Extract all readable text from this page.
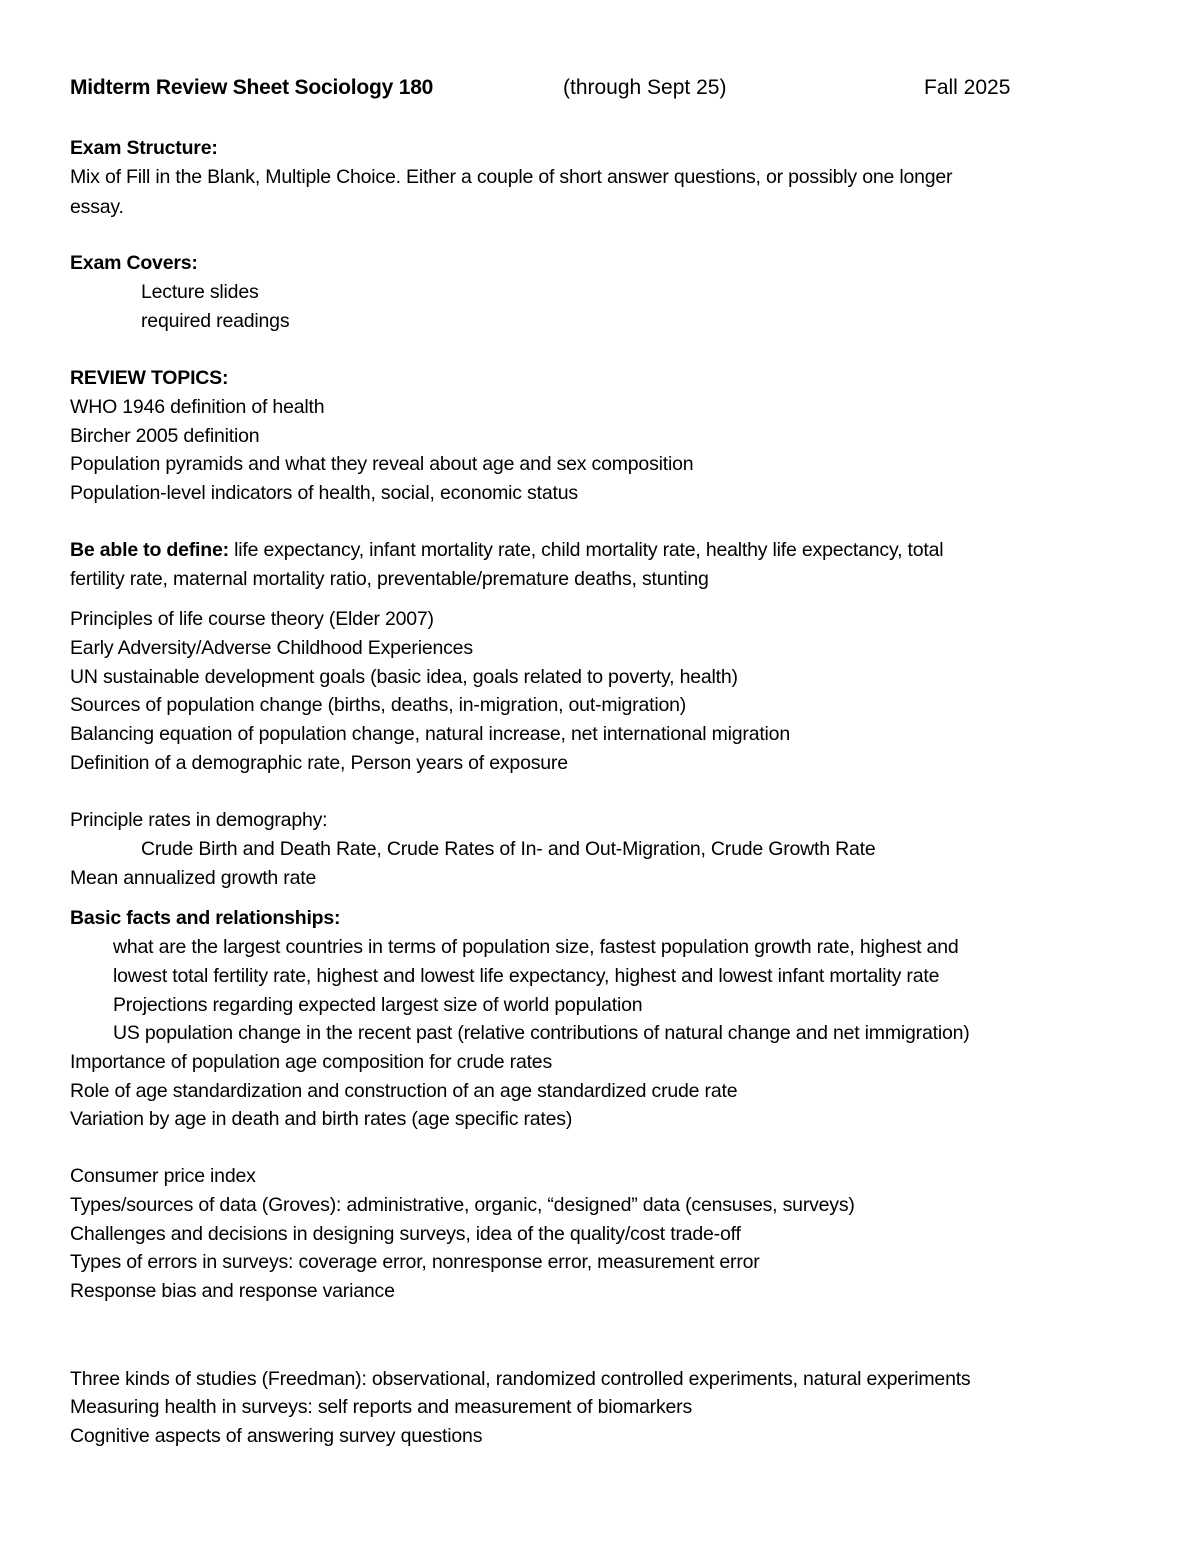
Midterm Review Sheet Sociology 180	(through Sept 25)	Fall 2025
Exam Structure:
Mix of Fill in the Blank, Multiple Choice. Either a couple of short answer questions, or possibly one longer
essay.
Exam Covers:
Lecture slides
required readings
REVIEW TOPICS:
WHO 1946 definition of health
Bircher 2005 definition
Population pyramids and what they reveal about age and sex composition
Population-level indicators of health, social, economic status
Be able to define: life expectancy, infant mortality rate, child mortality rate, healthy life expectancy, total
fertility rate, maternal mortality ratio, preventable/premature deaths, stunting
Principles of life course theory (Elder 2007)
Early Adversity/Adverse Childhood Experiences
UN sustainable development goals (basic idea, goals related to poverty, health)
Sources of population change (births, deaths, in-migration, out-migration)
Balancing equation of population change, natural increase, net international migration
Definition of a demographic rate, Person years of exposure
Principle rates in demography:
Crude Birth and Death Rate, Crude Rates of In- and Out-Migration, Crude Growth Rate
Mean annualized growth rate
Basic facts and relationships:
what are the largest countries in terms of population size, fastest population growth rate, highest and
lowest total fertility rate, highest and lowest life expectancy, highest and lowest infant mortality rate
Projections regarding expected largest size of world population
US population change in the recent past (relative contributions of natural change and net immigration)
Importance of population age composition for crude rates
Role of age standardization and construction of an age standardized crude rate
Variation by age in death and birth rates (age specific rates)
Consumer price index
Types/sources of data (Groves): administrative, organic, “designed” data (censuses, surveys)
Challenges and decisions in designing surveys, idea of the quality/cost trade-off
Types of errors in surveys: coverage error, nonresponse error, measurement error
Response bias and response variance
Three kinds of studies (Freedman): observational, randomized controlled experiments, natural experiments
Measuring health in surveys: self reports and measurement of biomarkers
Cognitive aspects of answering survey questions
